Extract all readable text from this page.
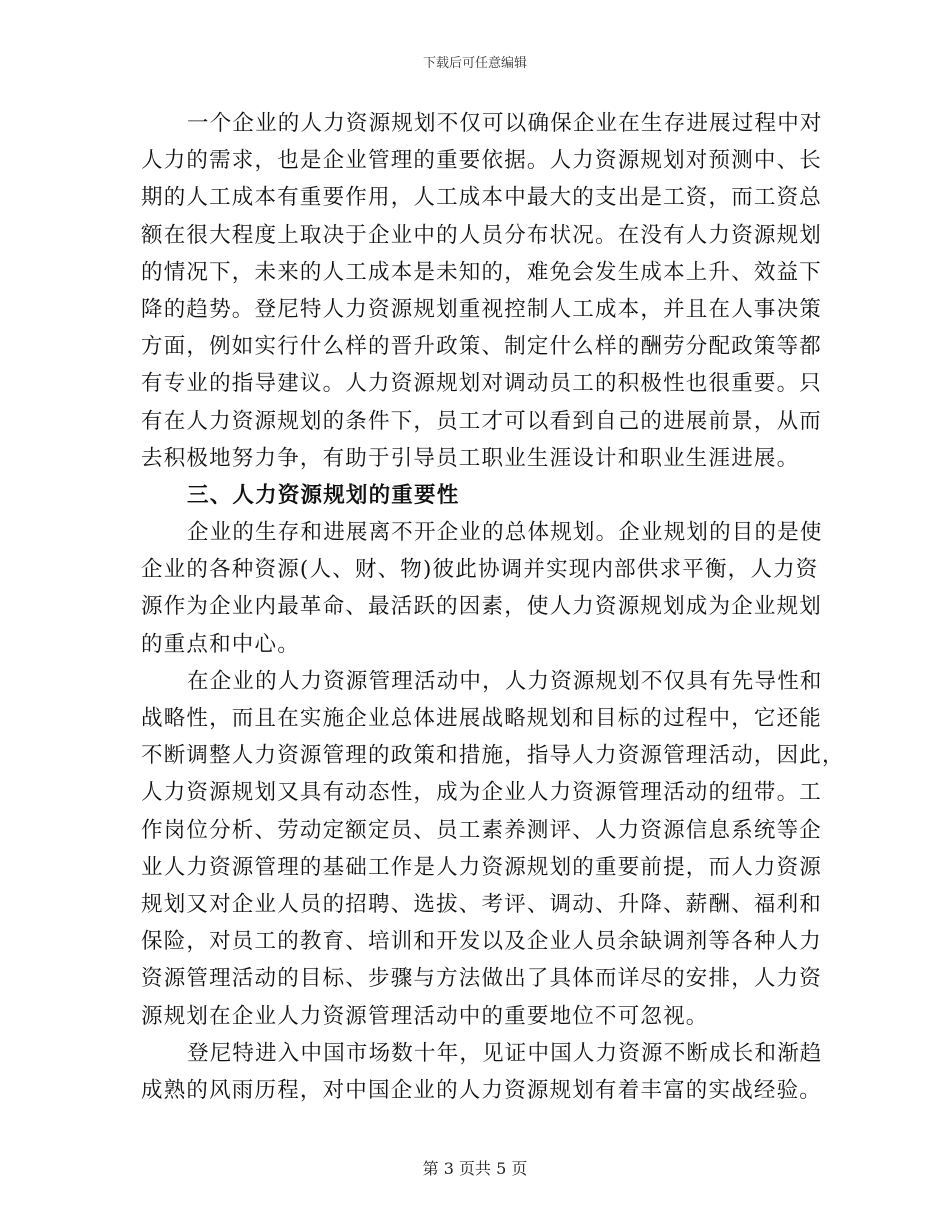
下载后可任意编辑
一个企业的人力资源规划不仅可以确保企业在生存进展过程中对
人力的需求，也是企业管理的重要依据。人力资源规划对预测中、长
期的人工成本有重要作用，人工成本中最大的支出是工资，而工资总
额在很大程度上取决于企业中的人员分布状况。在没有人力资源规划
的情况下，未来的人工成本是未知的，难免会发生成本上升、效益下
降的趋势。登尼特人力资源规划重视控制人工成本，并且在人事决策
方面，例如实行什么样的晋升政策、制定什么样的酬劳分配政策等都
有专业的指导建议。人力资源规划对调动员工的积极性也很重要。只
有在人力资源规划的条件下，员工才可以看到自己的进展前景，从而
去积极地努力争，有助于引导员工职业生涯设计和职业生涯进展。
三、人力资源规划的重要性
企业的生存和进展离不开企业的总体规划。企业规划的目的是使
企业的各种资源(人、财、物)彼此协调并实现内部供求平衡，人力资
源作为企业内最革命、最活跃的因素，使人力资源规划成为企业规划
的重点和中心。
在企业的人力资源管理活动中，人力资源规划不仅具有先导性和
战略性，而且在实施企业总体进展战略规划和目标的过程中，它还能
不断调整人力资源管理的政策和措施，指导人力资源管理活动，因此，
人力资源规划又具有动态性，成为企业人力资源管理活动的纽带。工
作岗位分析、劳动定额定员、员工素养测评、人力资源信息系统等企
业人力资源管理的基础工作是人力资源规划的重要前提，而人力资源
规划又对企业人员的招聘、选拔、考评、调动、升降、薪酬、福利和
保险，对员工的教育、培训和开发以及企业人员余缺调剂等各种人力
资源管理活动的目标、步骤与方法做出了具体而详尽的安排，人力资
源规划在企业人力资源管理活动中的重要地位不可忽视。
登尼特进入中国市场数十年，见证中国人力资源不断成长和渐趋
成熟的风雨历程，对中国企业的人力资源规划有着丰富的实战经验。
第 3 页共 5 页
